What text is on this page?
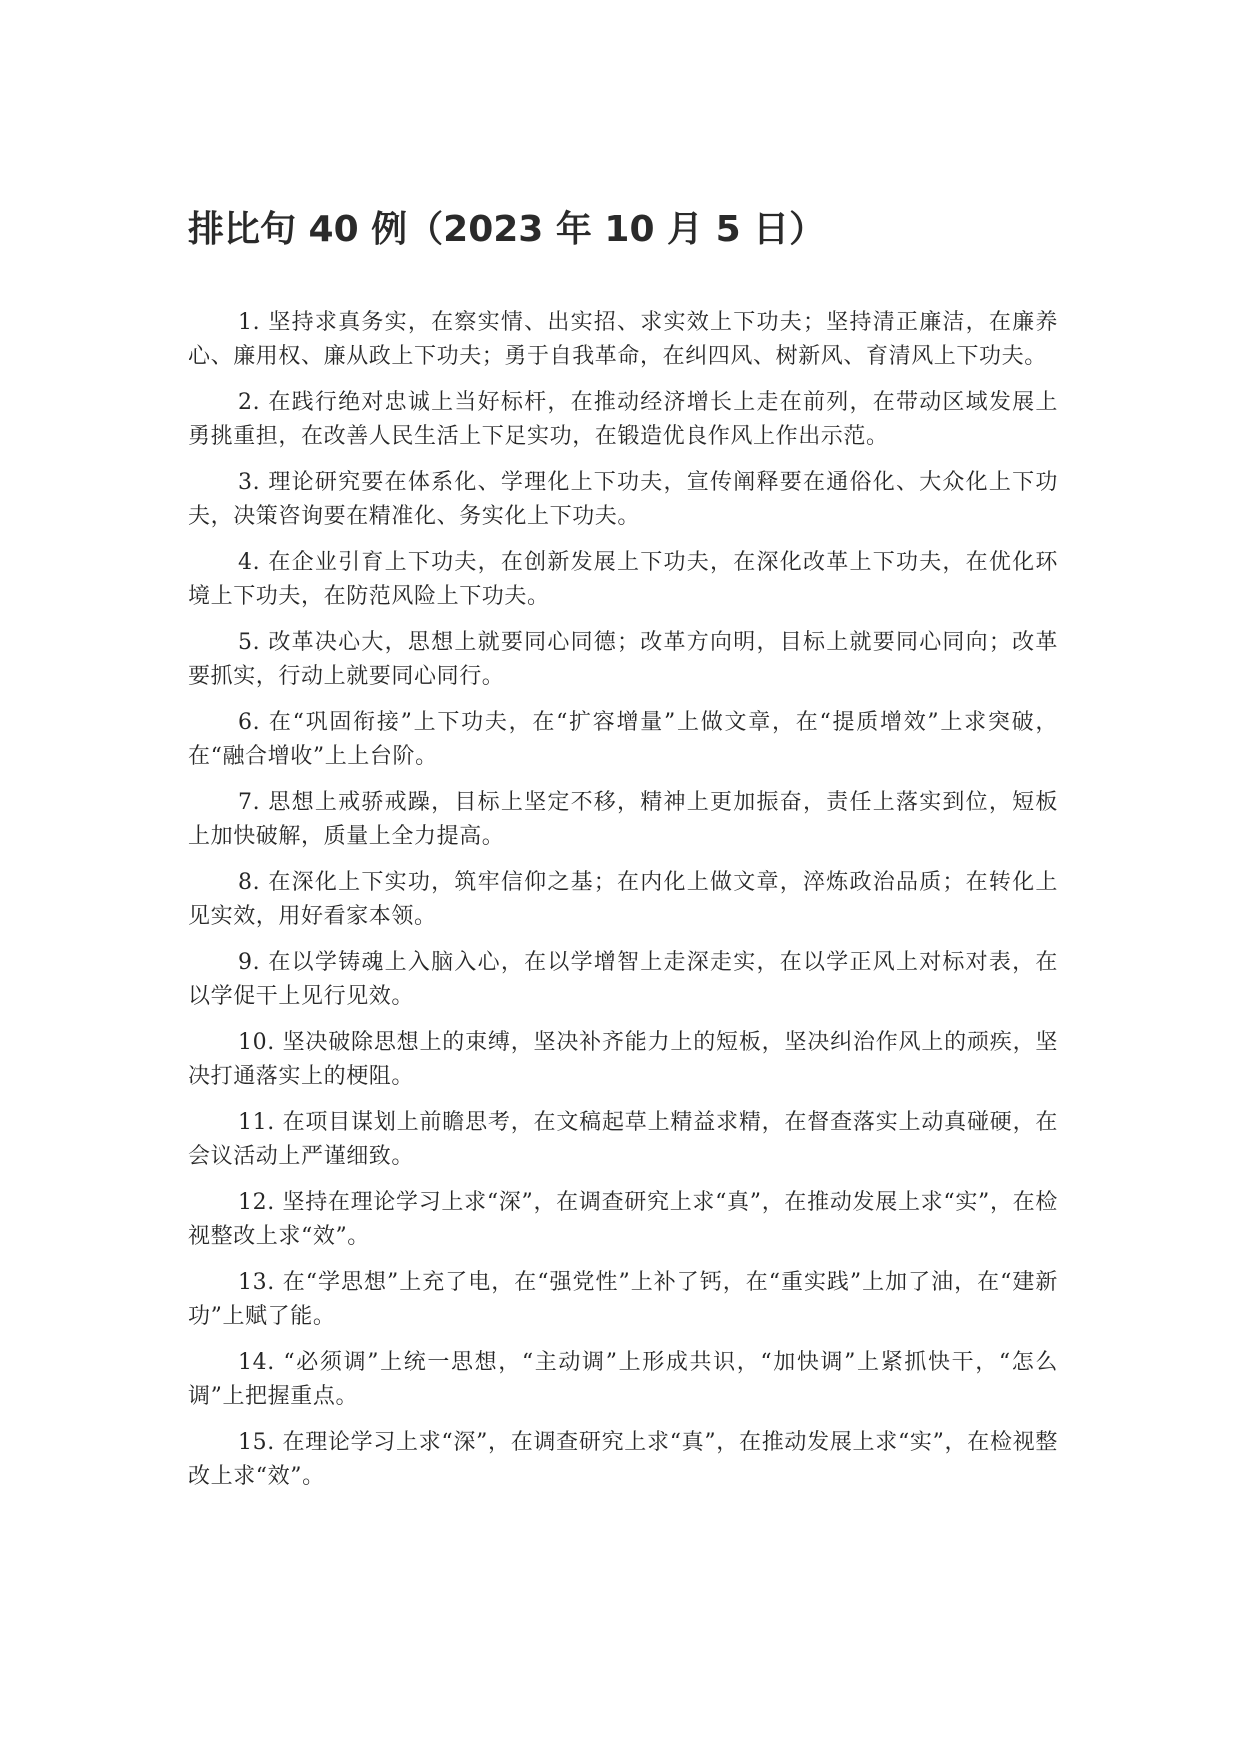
排比句 40 例（2023 年 10 月 5 日）

1. 坚持求真务实，在察实情、出实招、求实效上下功夫；坚持清正廉洁，在廉养心、廉用权、廉从政上下功夫；勇于自我革命，在纠四风、树新风、育清风上下功夫。

2. 在践行绝对忠诚上当好标杆，在推动经济增长上走在前列，在带动区域发展上勇挑重担，在改善人民生活上下足实功，在锻造优良作风上作出示范。

3. 理论研究要在体系化、学理化上下功夫，宣传阐释要在通俗化、大众化上下功夫，决策咨询要在精准化、务实化上下功夫。

4. 在企业引育上下功夫，在创新发展上下功夫，在深化改革上下功夫，在优化环境上下功夫，在防范风险上下功夫。

5. 改革决心大，思想上就要同心同德；改革方向明，目标上就要同心同向；改革要抓实，行动上就要同心同行。

6. 在“巩固衔接”上下功夫，在“扩容增量”上做文章，在“提质增效”上求突破，在“融合增收”上上台阶。

7. 思想上戒骄戒躁，目标上坚定不移，精神上更加振奋，责任上落实到位，短板上加快破解，质量上全力提高。

8. 在深化上下实功，筑牢信仰之基；在内化上做文章，淬炼政治品质；在转化上见实效，用好看家本领。

9. 在以学铸魂上入脑入心，在以学增智上走深走实，在以学正风上对标对表，在以学促干上见行见效。

10. 坚决破除思想上的束缚，坚决补齐能力上的短板，坚决纠治作风上的顽疾，坚决打通落实上的梗阻。

11. 在项目谋划上前瞻思考，在文稿起草上精益求精，在督查落实上动真碰硬，在会议活动上严谨细致。

12. 坚持在理论学习上求“深”，在调查研究上求“真”，在推动发展上求“实”，在检视整改上求“效”。

13. 在“学思想”上充了电，在“强党性”上补了钙，在“重实践”上加了油，在“建新功”上赋了能。

14. “必须调”上统一思想，“主动调”上形成共识，“加快调”上紧抓快干，“怎么调”上把握重点。

15. 在理论学习上求“深”，在调查研究上求“真”，在推动发展上求“实”，在检视整改上求“效”。
